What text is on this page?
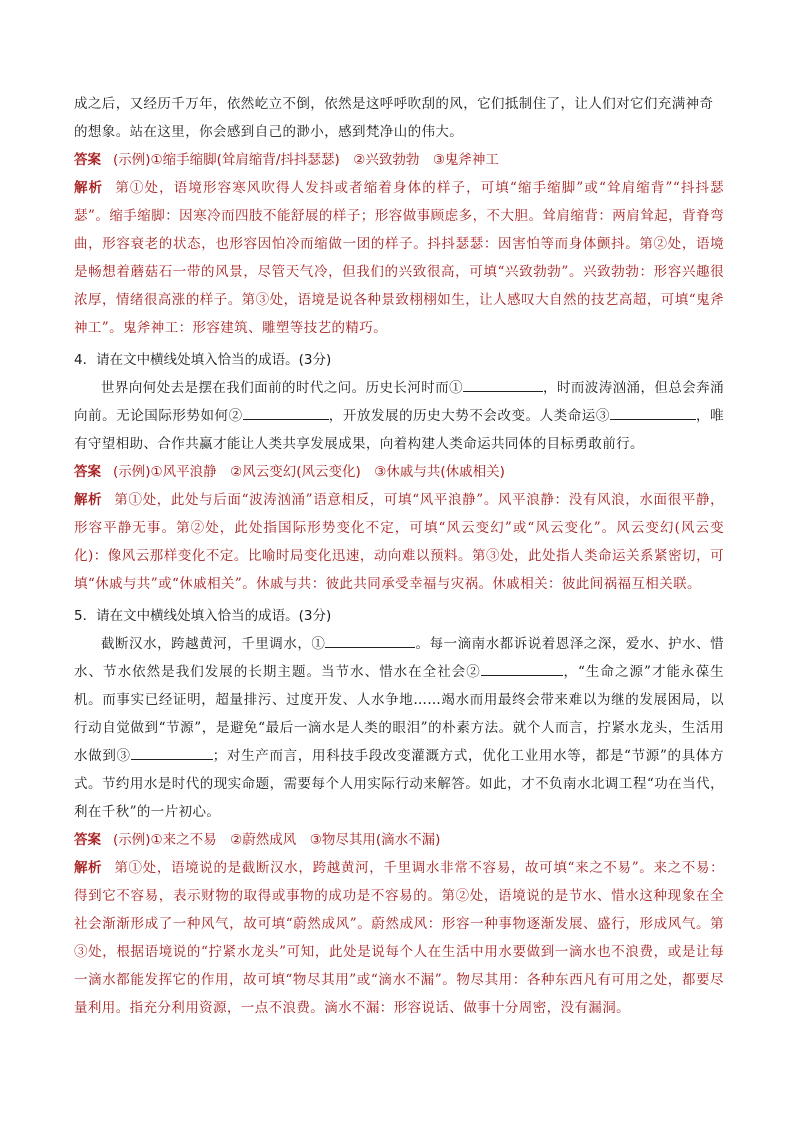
成之后，又经历千万年，依然屹立不倒，依然是这呼呼吹刮的风，它们抵制住了，让人们对它们充满神奇
的想象。站在这里，你会感到自己的渺小，感到梵净山的伟大。

答案 (示例)①缩手缩脚(耸肩缩背/抖抖瑟瑟)　②兴致勃勃　③鬼斧神工

解析 第①处，语境形容寒风吹得人发抖或者缩着身体的样子，可填“缩手缩脚”或“耸肩缩背”“抖抖瑟瑟”。缩手缩脚：因寒冷而四肢不能舒展的样子；形容做事顾虑多，不大胆。耸肩缩背：两肩耸起，背脊弯曲，形容衰老的状态，也形容因怕冷而缩做一团的样子。抖抖瑟瑟：因害怕等而身体颤抖。第②处，语境是畅想着蘑菇石一带的风景，尽管天气冷，但我们的兴致很高，可填“兴致勃勃”。兴致勃勃：形容兴趣很浓厚，情绪很高涨的样子。第③处，语境是说各种景致栩栩如生，让人感叹大自然的技艺高超，可填“鬼斧神工”。鬼斧神工：形容建筑、雕塑等技艺的精巧。

4．请在文中横线处填入恰当的成语。(3分)

世界向何处去是摆在我们面前的时代之问。历史长河时而①	，时而波涛汹涌，但总会奔涌向前。无论国际形势如何②	，开放发展的历史大势不会改变。人类命运③	，唯有守望相助、合作共赢才能让人类共享发展成果，向着构建人类命运共同体的目标勇敢前行。

答案 (示例)①风平浪静　②风云变幻(风云变化)　③休戚与共(休戚相关)

解析 第①处，此处与后面“波涛汹涌”语意相反，可填“风平浪静”。风平浪静：没有风浪，水面很平静，形容平静无事。第②处，此处指国际形势变化不定，可填“风云变幻”或“风云变化”。风云变幻(风云变化)：像风云那样变化不定。比喻时局变化迅速，动向难以预料。第③处，此处指人类命运关系紧密切，可填“休戚与共”或“休戚相关”。休戚与共：彼此共同承受幸福与灾祸。休戚相关：彼此间祸福互相关联。

5．请在文中横线处填入恰当的成语。(3分)

截断汉水，跨越黄河，千里调水，①	。每一滴南水都诉说着恩泽之深，爱水、护水、惜水、节水依然是我们发展的长期主题。当节水、惜水在全社会②	，“生命之源”才能永葆生机。而事实已经证明，超量排污、过度开发、人水争地……竭水而用最终会带来难以为继的发展困局，以行动自觉做到“节源”，是避免“最后一滴水是人类的眼泪”的朴素方法。就个人而言，拧紧水龙头，生活用水做到③	；对生产而言，用科技手段改变灌溉方式，优化工业用水等，都是“节源”的具体方式。节约用水是时代的现实命题，需要每个人用实际行动来解答。如此，才不负南水北调工程“功在当代，利在千秋”的一片初心。

答案 (示例)①来之不易　②蔚然成风　③物尽其用(滴水不漏)

解析 第①处，语境说的是截断汉水，跨越黄河，千里调水非常不容易，故可填“来之不易”。来之不易：得到它不容易，表示财物的取得或事物的成功是不容易的。第②处，语境说的是节水、惜水这种现象在全社会渐渐形成了一种风气，故可填“蔚然成风”。蔚然成风：形容一种事物逐渐发展、盛行，形成风气。第③处，根据语境说的“拧紧水龙头”可知，此处是说每个人在生活中用水要做到一滴水也不浪费，或是让每一滴水都能发挥它的作用，故可填“物尽其用”或“滴水不漏”。物尽其用：各种东西凡有可用之处，都要尽量利用。指充分利用资源，一点不浪费。滴水不漏：形容说话、做事十分周密，没有漏洞。
